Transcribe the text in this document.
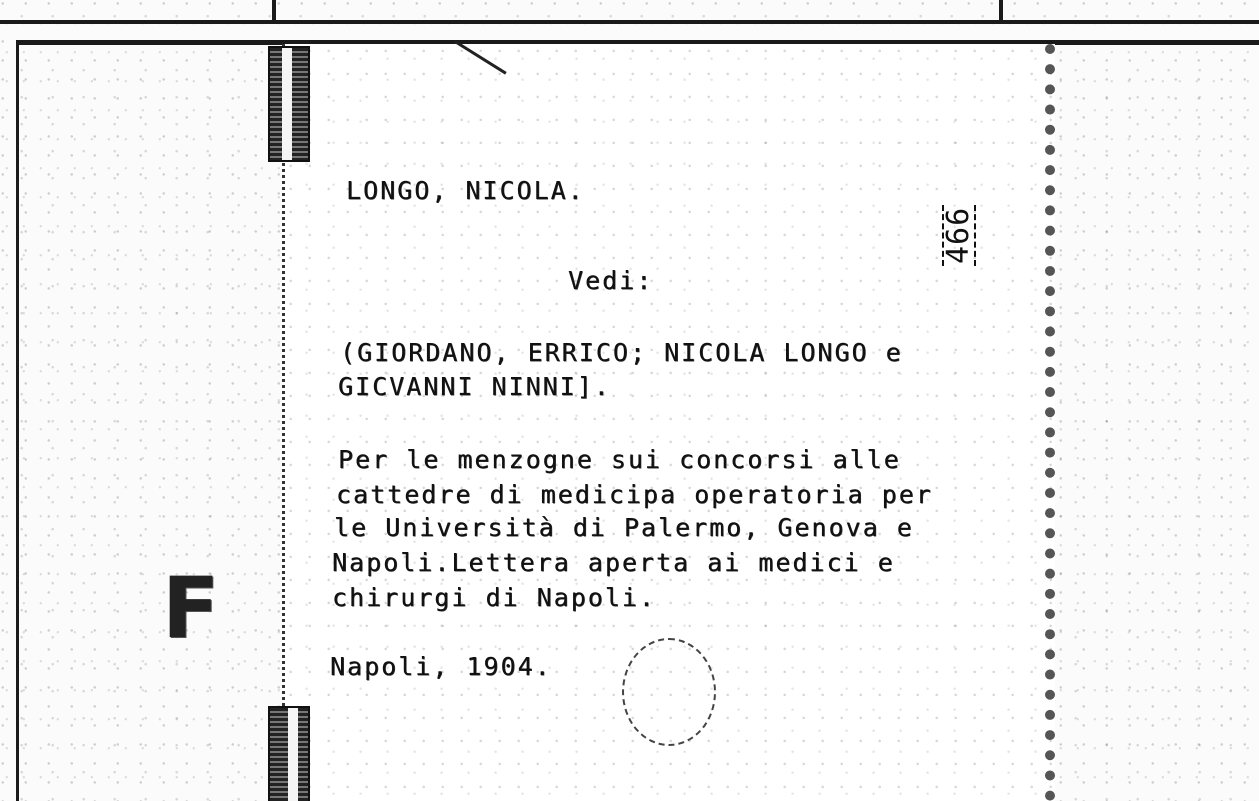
F
LONGO, NICOLA.
466
Vedi:
(GIORDANO, ERRICO; NICOLA LONGO e
GICVANNI NINNI].
Per le menzogne sui concorsi alle
cattedre di medicipa operatoria per
le Università di Palermo, Genova e
Napoli.Lettera aperta ai medici e
chirurgi di Napoli.
Napoli, 1904.
